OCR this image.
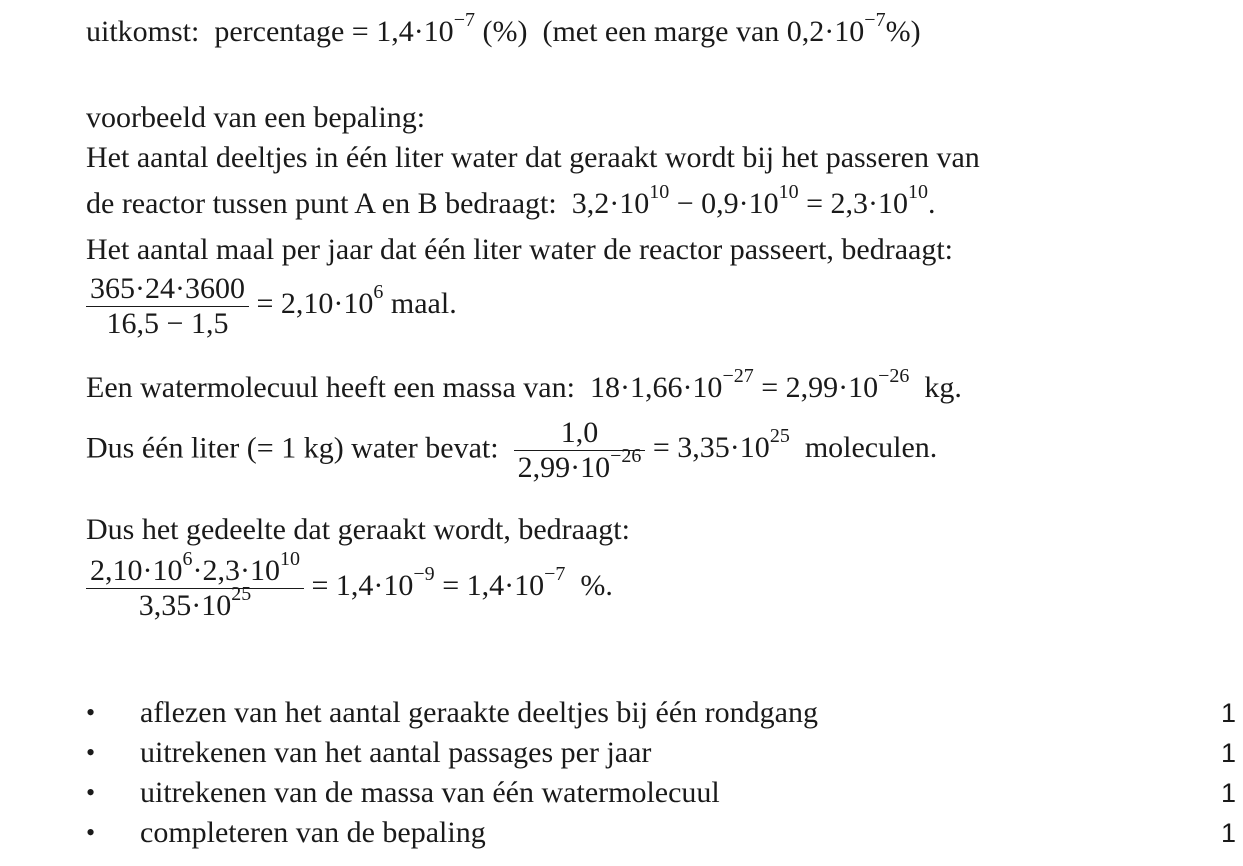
uitkomst: percentage = $1,4\cdot 10^{-7}$ (%) (met een marge van $0,2\cdot 10^{-7}\%$)
voorbeeld van een bepaling:
Het aantal deeltjes in één liter water dat geraakt wordt bij het passeren van
de reactor tussen punt A en B bedraagt: $3,2\cdot 10^{10} - 0,9\cdot 10^{10} = 2,3\cdot 10^{10}$.
Het aantal maal per jaar dat één liter water de reactor passeert, bedraagt:
$\frac{365\cdot 24\cdot 3600}{16,5 - 1,5} = 2,10\cdot 10^6$ maal.
Een watermolecuul heeft een massa van: $18\cdot 1,66\cdot 10^{-27} = 2,99\cdot 10^{-26}$ kg.
Dus één liter (= 1 kg) water bevat: $\frac{1,0}{2,99\cdot 10^{-26}} = 3,35\cdot 10^{25}$ moleculen.
Dus het gedeelte dat geraakt wordt, bedraagt:
$\frac{2,10\cdot 10^6\cdot 2,3\cdot 10^{10}}{3,35\cdot 10^{25}} = 1,4\cdot 10^{-9} = 1,4\cdot 10^{-7}$ %.
• aflezen van het aantal geraakte deeltjes bij één rondgang	1
• uitrekenen van het aantal passages per jaar	1
• uitrekenen van de massa van één watermolecuul	1
• completeren van de bepaling	1
